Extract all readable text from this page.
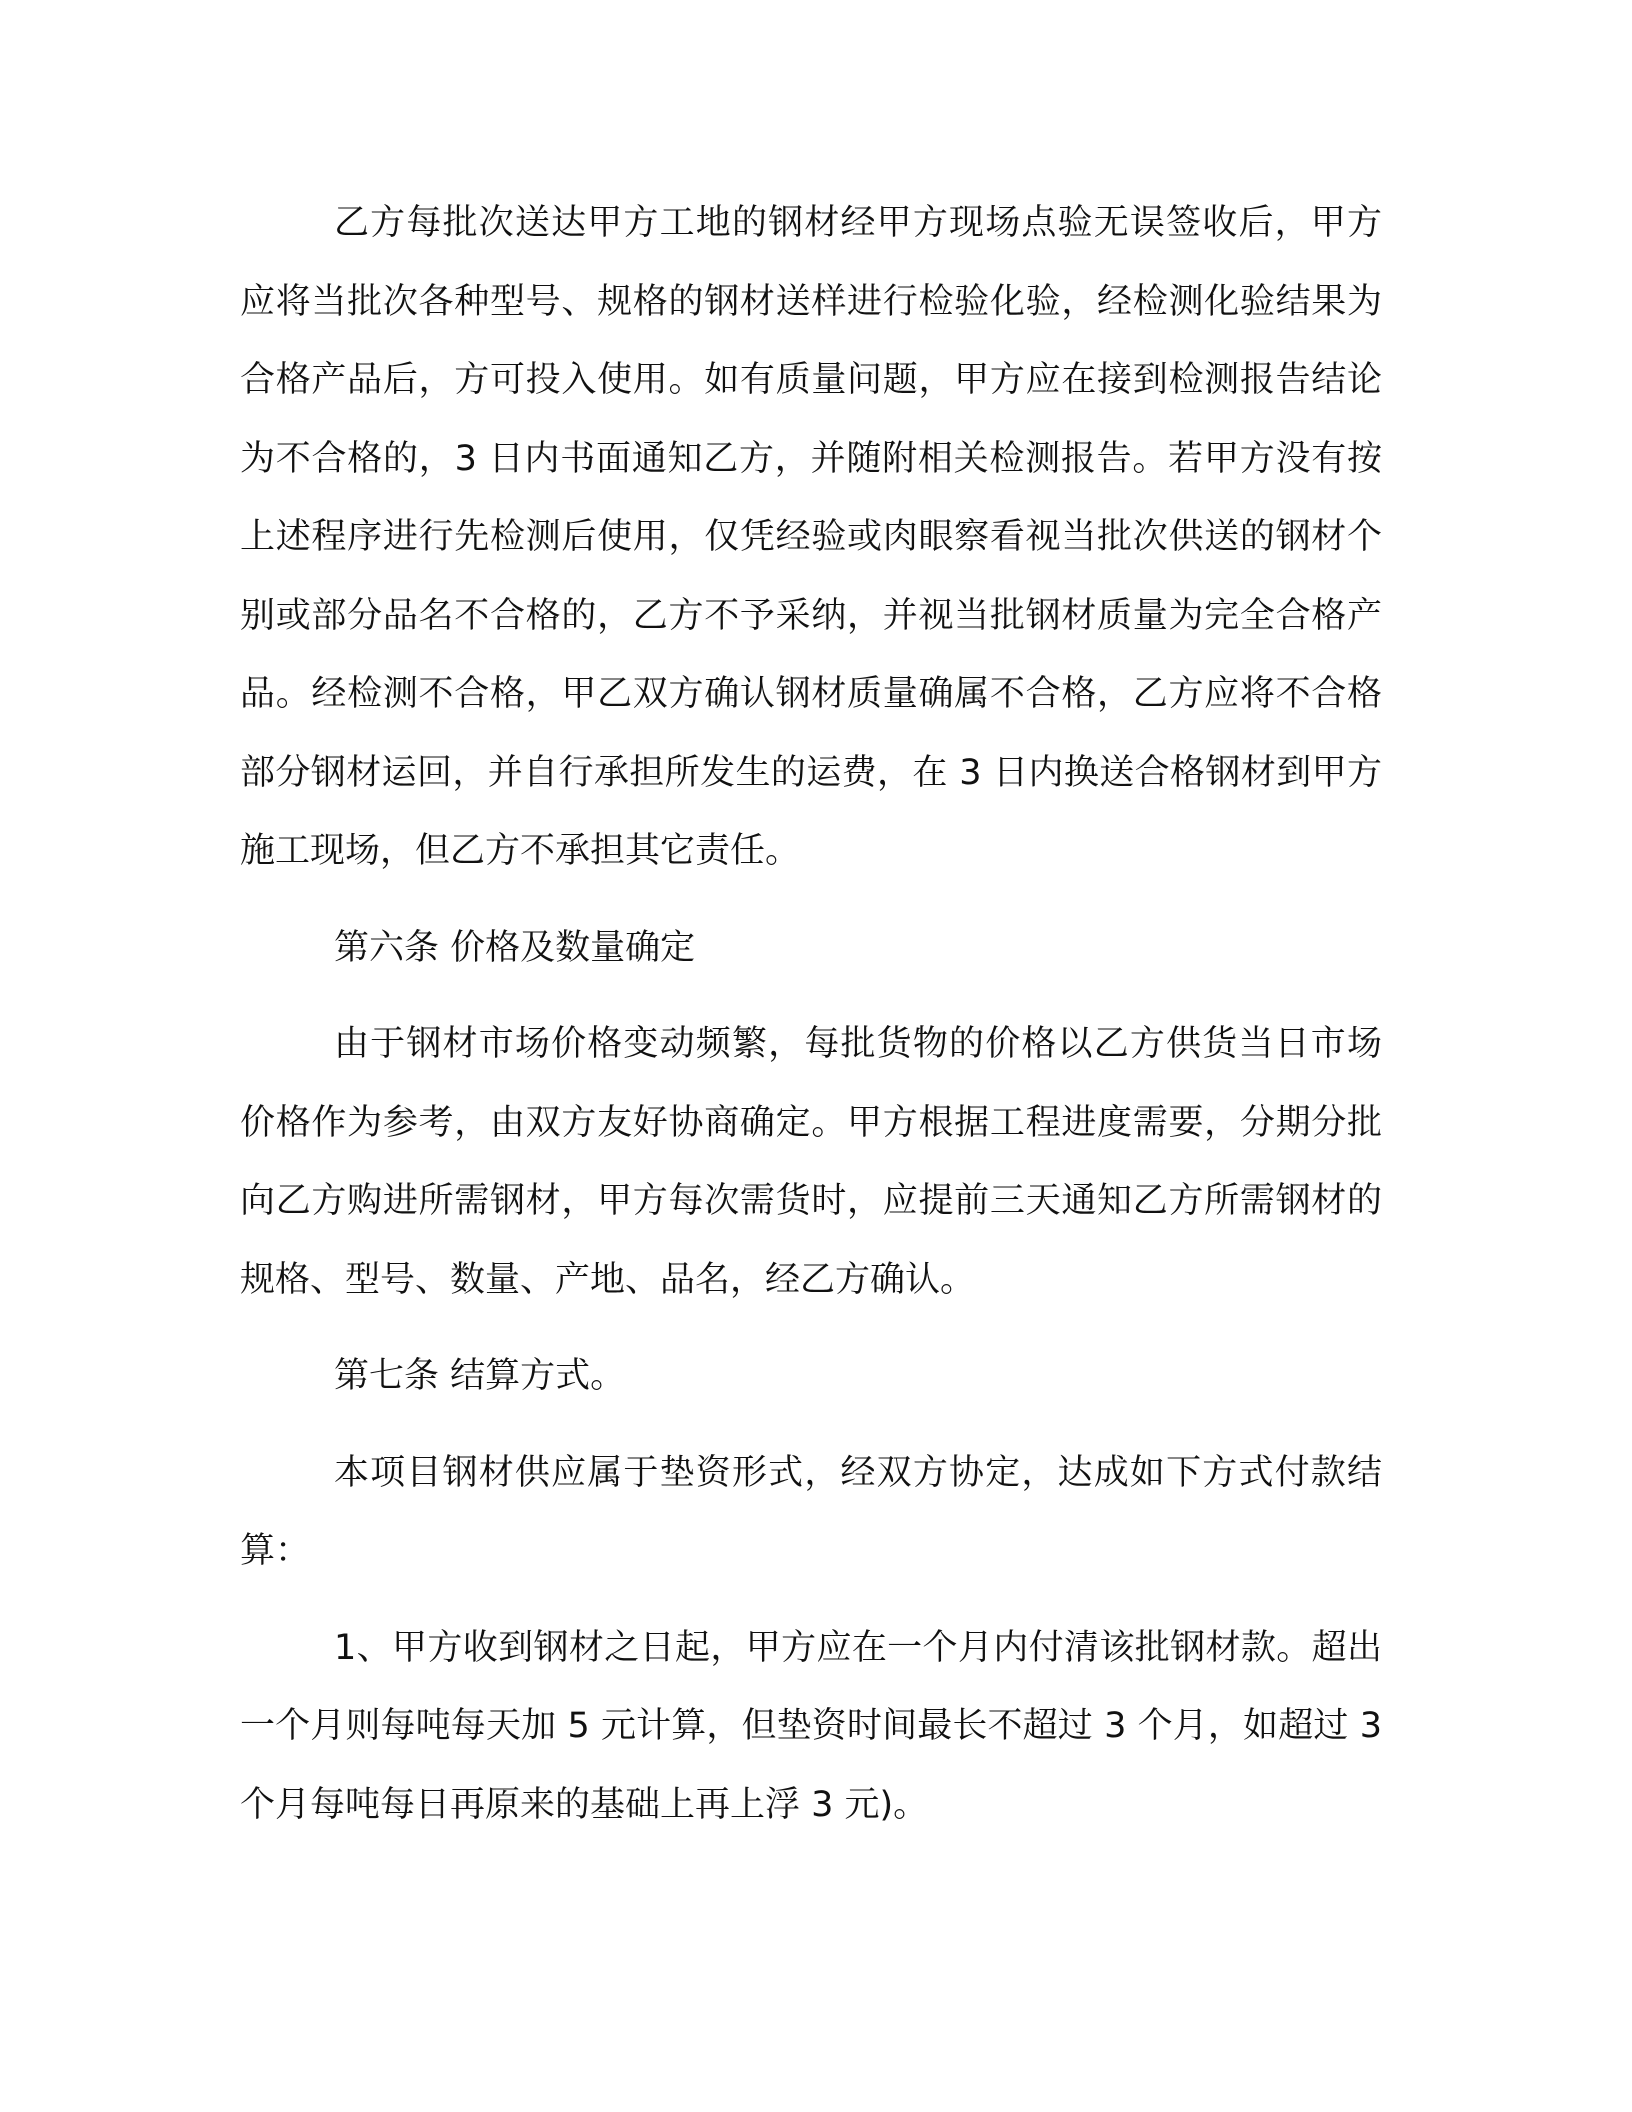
乙方每批次送达甲方工地的钢材经甲方现场点验无误签收后，甲方应将当批次各种型号、规格的钢材送样进行检验化验，经检测化验结果为合格产品后，方可投入使用。如有质量问题，甲方应在接到检测报告结论为不合格的，3 日内书面通知乙方，并随附相关检测报告。若甲方没有按上述程序进行先检测后使用，仅凭经验或肉眼察看视当批次供送的钢材个别或部分品名不合格的，乙方不予采纳，并视当批钢材质量为完全合格产品。经检测不合格，甲乙双方确认钢材质量确属不合格，乙方应将不合格部分钢材运回，并自行承担所发生的运费，在 3 日内换送合格钢材到甲方施工现场，但乙方不承担其它责任。

第六条 价格及数量确定

由于钢材市场价格变动频繁，每批货物的价格以乙方供货当日市场价格作为参考，由双方友好协商确定。甲方根据工程进度需要，分期分批向乙方购进所需钢材，甲方每次需货时，应提前三天通知乙方所需钢材的规格、型号、数量、产地、品名，经乙方确认。

第七条 结算方式。

本项目钢材供应属于垫资形式，经双方协定，达成如下方式付款结算：

1、甲方收到钢材之日起，甲方应在一个月内付清该批钢材款。超出一个月则每吨每天加 5 元计算，但垫资时间最长不超过 3 个月，如超过 3 个月每吨每日再原来的基础上再上浮 3 元)。
